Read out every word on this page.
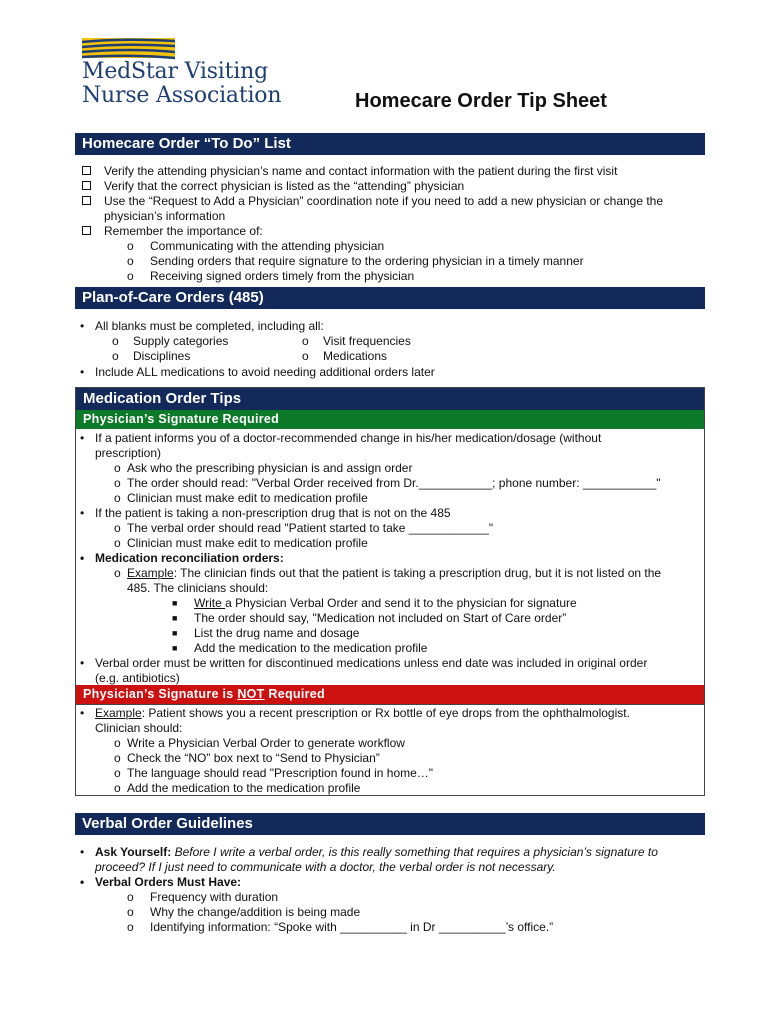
MedStar Visiting
Nurse Association	Homecare Order Tip Sheet
Homecare Order “To Do” List
Verify the attending physician’s name and contact information with the patient during the first visit
Verify that the correct physician is listed as the “attending” physician
Use the “Request to Add a Physician” coordination note if you need to add a new physician or change the
physician’s information
Remember the importance of:
o Communicating with the attending physician
o Sending orders that require signature to the ordering physician in a timely manner
o Receiving signed orders timely from the physician
Plan-of-Care Orders (485)
• All blanks must be completed, including all:
o Supply categories	o Visit frequencies
o Disciplines	o Medications
• Include ALL medications to avoid needing additional orders later
Medication Order Tips
Physician’s Signature Required
• If a patient informs you of a doctor-recommended change in his/her medication/dosage (without
prescription)
o Ask who the prescribing physician is and assign order
o The order should read: "Verbal Order received from Dr.___________; phone number: ___________"
o Clinician must make edit to medication profile
• If the patient is taking a non-prescription drug that is not on the 485
o The verbal order should read "Patient started to take ____________"
o Clinician must make edit to medication profile
• Medication reconciliation orders:
o Example: The clinician finds out that the patient is taking a prescription drug, but it is not listed on the
485. The clinicians should:
■ Write a Physician Verbal Order and send it to the physician for signature
■ The order should say, "Medication not included on Start of Care order”
■ List the drug name and dosage
■ Add the medication to the medication profile
• Verbal order must be written for discontinued medications unless end date was included in original order
(e.g. antibiotics)
Physician’s Signature is NOT Required
• Example: Patient shows you a recent prescription or Rx bottle of eye drops from the ophthalmologist.
Clinician should:
o Write a Physician Verbal Order to generate workflow
o Check the “NO” box next to “Send to Physician”
o The language should read "Prescription found in home…"
o Add the medication to the medication profile
Verbal Order Guidelines
• Ask Yourself: Before I write a verbal order, is this really something that requires a physician’s signature to
proceed? If I just need to communicate with a doctor, the verbal order is not necessary.
• Verbal Orders Must Have:
o Frequency with duration
o Why the change/addition is being made
o Identifying information: “Spoke with __________ in Dr __________’s office.”
